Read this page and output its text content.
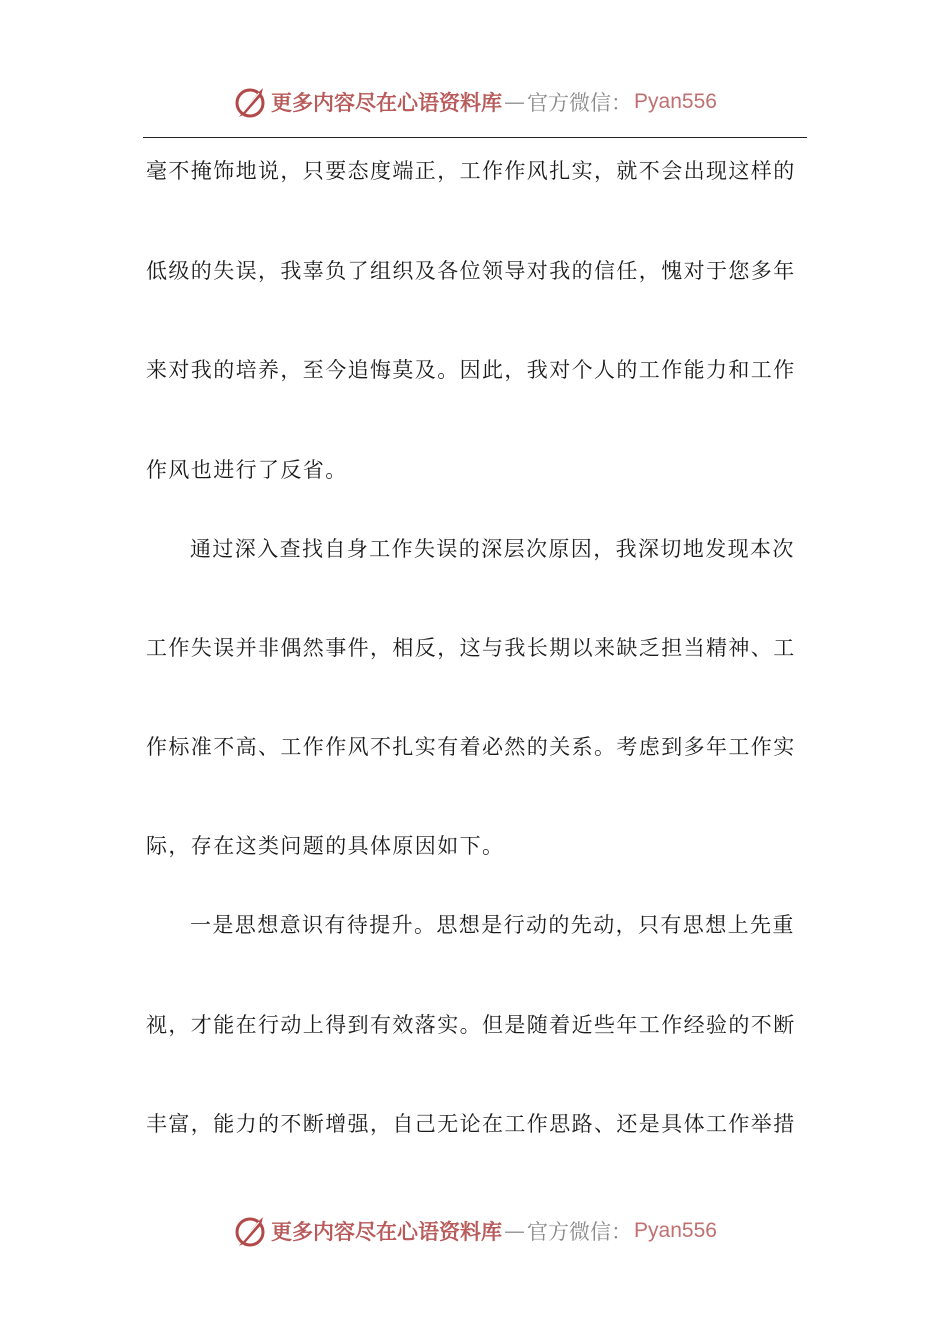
更多内容尽在心语资料库 — 官方微信： Pyan556
毫不掩饰地说，只要态度端正，工作作风扎实，就不会出现这样的
低级的失误，我辜负了组织及各位领导对我的信任，愧对于您多年
来对我的培养，至今追悔莫及。因此，我对个人的工作能力和工作
作风也进行了反省。
通过深入查找自身工作失误的深层次原因，我深切地发现本次
工作失误并非偶然事件，相反，这与我长期以来缺乏担当精神、工
作标准不高、工作作风不扎实有着必然的关系。考虑到多年工作实
际，存在这类问题的具体原因如下。
一是思想意识有待提升。思想是行动的先动，只有思想上先重
视，才能在行动上得到有效落实。但是随着近些年工作经验的不断
丰富，能力的不断增强，自己无论在工作思路、还是具体工作举措
更多内容尽在心语资料库 — 官方微信： Pyan556
